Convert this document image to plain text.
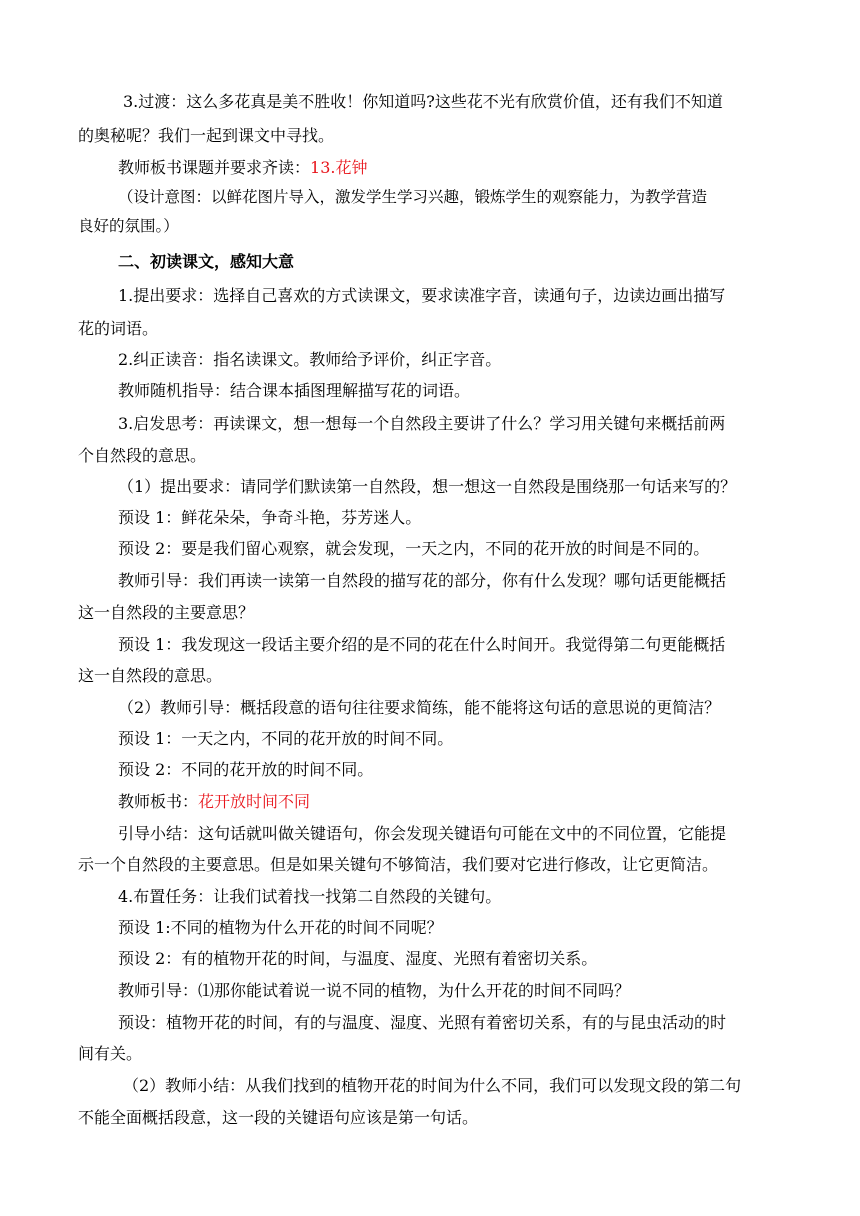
3.过渡：这么多花真是美不胜收！你知道吗?这些花不光有欣赏价值，还有我们不知道
的奥秘呢？我们一起到课文中寻找。
教师板书课题并要求齐读：13.花钟
（设计意图：以鲜花图片导入，激发学生学习兴趣，锻炼学生的观察能力，为教学营造
良好的氛围。）
二、初读课文，感知大意
1.提出要求：选择自己喜欢的方式读课文，要求读准字音，读通句子，边读边画出描写
花的词语。
2.纠正读音：指名读课文。教师给予评价，纠正字音。
教师随机指导：结合课本插图理解描写花的词语。
3.启发思考：再读课文，想一想每一个自然段主要讲了什么？学习用关键句来概括前两
个自然段的意思。
（1）提出要求：请同学们默读第一自然段，想一想这一自然段是围绕那一句话来写的？
预设 1：鲜花朵朵，争奇斗艳，芬芳迷人。
预设 2：要是我们留心观察，就会发现，一天之内，不同的花开放的时间是不同的。
教师引导：我们再读一读第一自然段的描写花的部分，你有什么发现？哪句话更能概括
这一自然段的主要意思？
预设 1：我发现这一段话主要介绍的是不同的花在什么时间开。我觉得第二句更能概括
这一自然段的意思。
（2）教师引导：概括段意的语句往往要求简练，能不能将这句话的意思说的更简洁？
预设 1：一天之内，不同的花开放的时间不同。
预设 2：不同的花开放的时间不同。
教师板书：花开放时间不同
引导小结：这句话就叫做关键语句，你会发现关键语句可能在文中的不同位置，它能提
示一个自然段的主要意思。但是如果关键句不够简洁，我们要对它进行修改，让它更简洁。
4.布置任务：让我们试着找一找第二自然段的关键句。
预设 1:不同的植物为什么开花的时间不同呢？
预设 2：有的植物开花的时间，与温度、湿度、光照有着密切关系。
教师引导：⑴那你能试着说一说不同的植物，为什么开花的时间不同吗？
预设：植物开花的时间，有的与温度、湿度、光照有着密切关系，有的与昆虫活动的时
间有关。
（2）教师小结：从我们找到的植物开花的时间为什么不同，我们可以发现文段的第二句
不能全面概括段意，这一段的关键语句应该是第一句话。
